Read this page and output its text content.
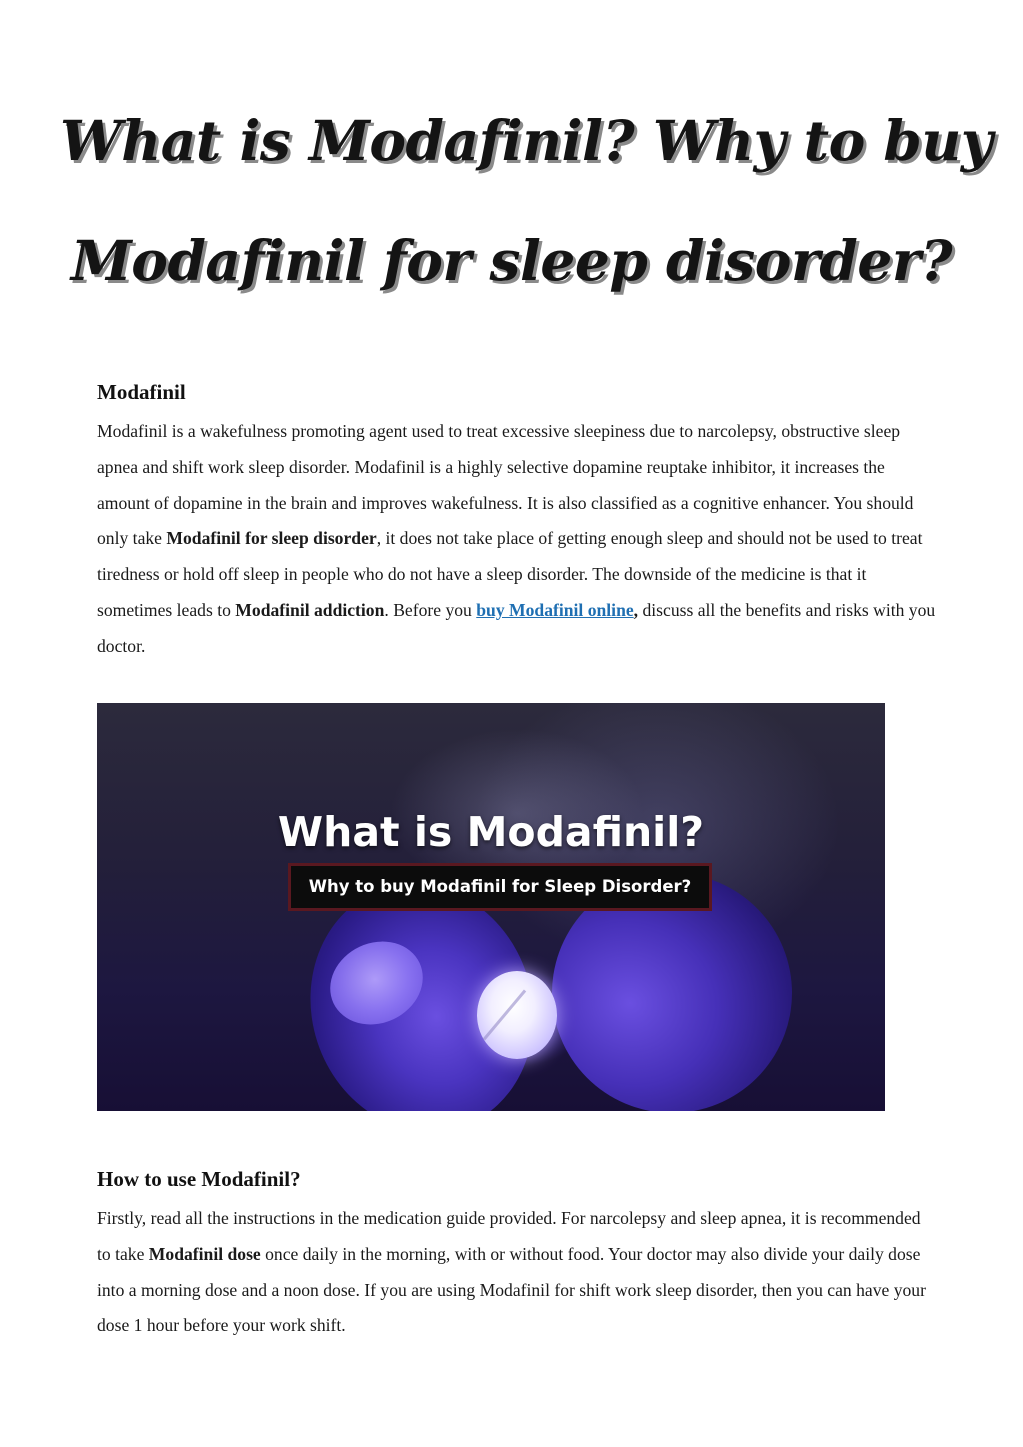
What is Modafinil? Why to buy
Modafinil for sleep disorder?
Modafinil

Modafinil is a wakefulness promoting agent used to treat excessive sleepiness due to narcolepsy, obstructive sleep apnea and shift work sleep disorder. Modafinil is a highly selective dopamine reuptake inhibitor, it increases the amount of dopamine in the brain and improves wakefulness. It is also classified as a cognitive enhancer. You should only take Modafinil for sleep disorder, it does not take place of getting enough sleep and should not be used to treat tiredness or hold off sleep in people who do not have a sleep disorder. The downside of the medicine is that it sometimes leads to Modafinil addiction. Before you buy Modafinil online, discuss all the benefits and risks with you doctor.

What is Modafinil?
Why to buy Modafinil for Sleep Disorder?
How to use Modafinil?

Firstly, read all the instructions in the medication guide provided. For narcolepsy and sleep apnea, it is recommended to take Modafinil dose once daily in the morning, with or without food. Your doctor may also divide your daily dose into a morning dose and a noon dose. If you are using Modafinil for shift work sleep disorder, then you can have your dose 1 hour before your work shift.
